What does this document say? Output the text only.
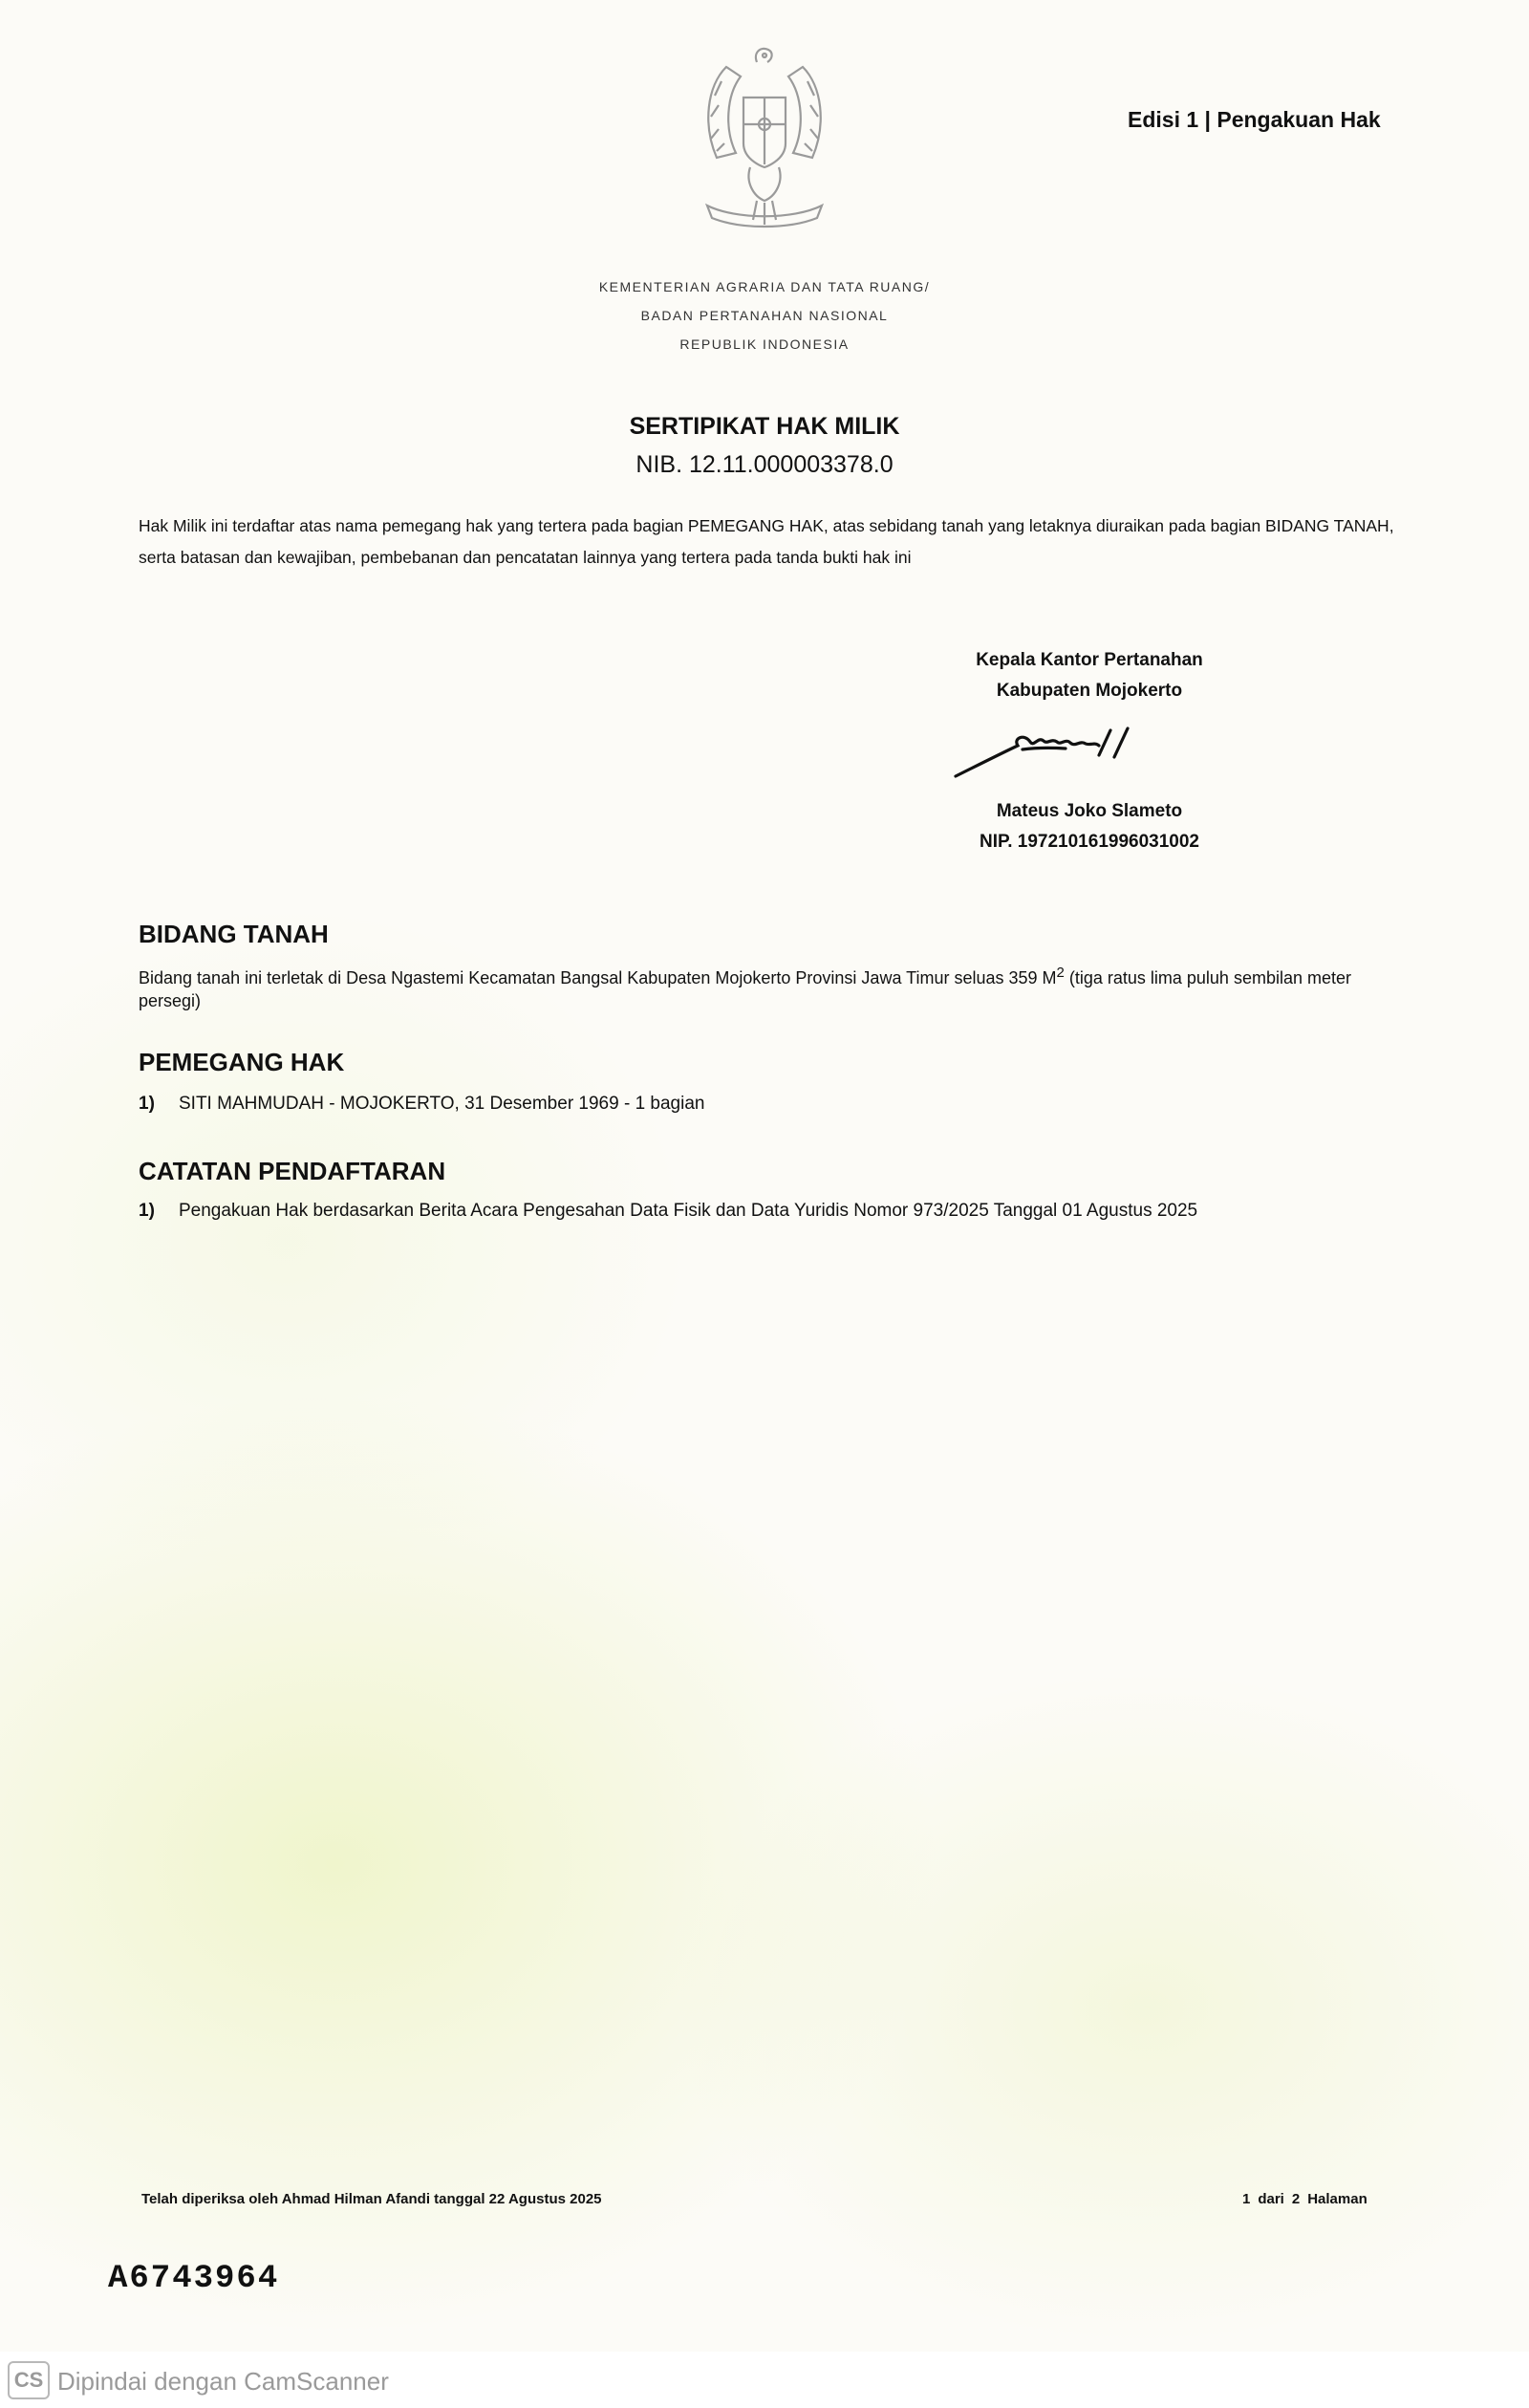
Edisi 1 | Pengakuan Hak
KEMENTERIAN AGRARIA DAN TATA RUANG/
BADAN PERTANAHAN NASIONAL
REPUBLIK INDONESIA
SERTIPIKAT HAK MILIK
NIB. 12.11.000003378.0
Hak Milik ini terdaftar atas nama pemegang hak yang tertera pada bagian PEMEGANG HAK, atas sebidang tanah yang letaknya diuraikan pada bagian BIDANG TANAH, serta batasan dan kewajiban, pembebanan dan pencatatan lainnya yang tertera pada tanda bukti hak ini
Kepala Kantor Pertanahan
Kabupaten Mojokerto
Mateus Joko Slameto
NIP. 197210161996031002
BIDANG TANAH
Bidang tanah ini terletak di Desa Ngastemi Kecamatan Bangsal Kabupaten Mojokerto Provinsi Jawa Timur seluas 359 $M^2$ (tiga ratus lima puluh sembilan meter persegi)
PEMEGANG HAK
1) SITI MAHMUDAH - MOJOKERTO, 31 Desember 1969 - 1 bagian
CATATAN PENDAFTARAN
1) Pengakuan Hak berdasarkan Berita Acara Pengesahan Data Fisik dan Data Yuridis Nomor 973/2025 Tanggal 01 Agustus 2025
Telah diperiksa oleh Ahmad Hilman Afandi tanggal 22 Agustus 2025	1 dari 2 Halaman
A6743964
CS Dipindai dengan CamScanner
